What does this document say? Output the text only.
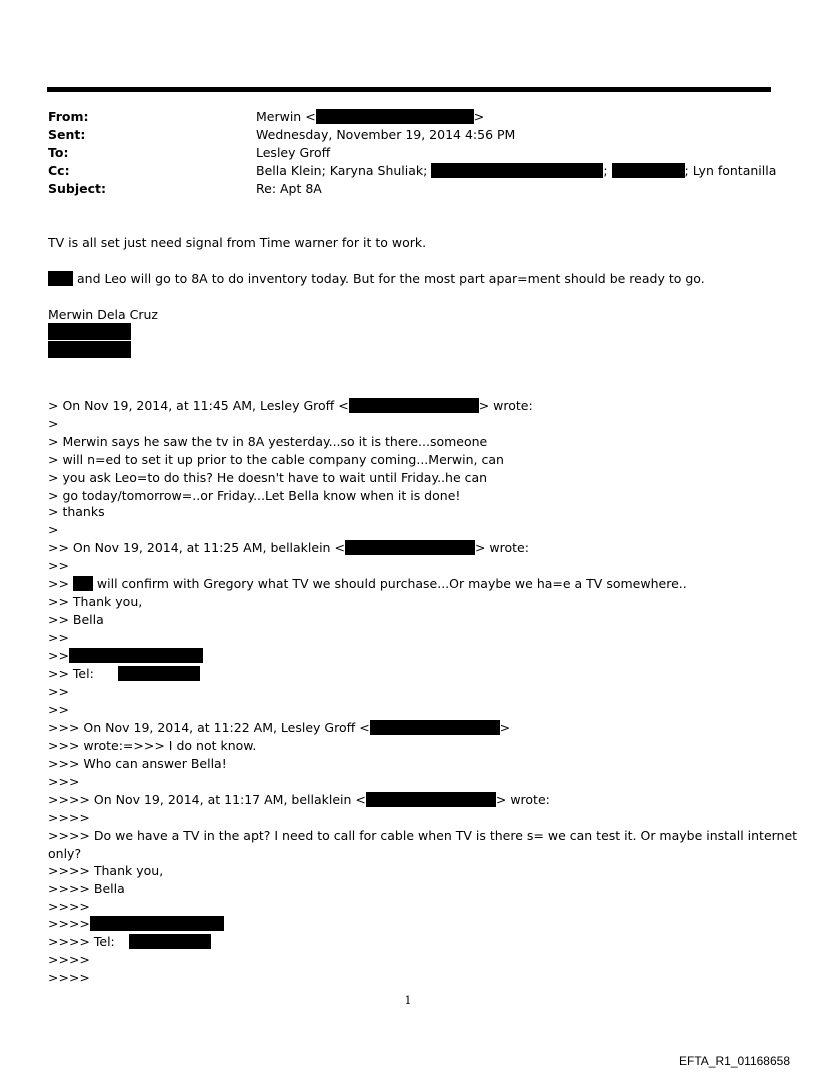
From:	Merwin <	>
Sent:	Wednesday, November 19, 2014 4:56 PM
To:	Lesley Groff
Cc:	Bella Klein; Karyna Shuliak;	;	; Lyn fontanilla
Subject:	Re: Apt 8A
TV is all set just need signal from Time warner for it to work.
and Leo will go to 8A to do inventory today. But for the most part apar=ment should be ready to go.
Merwin Dela Cruz
> On Nov 19, 2014, at 11:45 AM, Lesley Groff <	> wrote:
>
> Merwin says he saw the tv in 8A yesterday...so it is there...someone
> will n=ed to set it up prior to the cable company coming...Merwin, can
> you ask Leo=to do this? He doesn't have to wait until Friday..he can
> go today/tomorrow=..or Friday...Let Bella know when it is done!
> thanks
>
>> On Nov 19, 2014, at 11:25 AM, bellaklein <	> wrote:
>>
>>  will confirm with Gregory what TV we should purchase...Or maybe we ha=e a TV somewhere..
>> Thank you,
>> Bella
>>
>>
>> Tel:
>>
>>
>>> On Nov 19, 2014, at 11:22 AM, Lesley Groff <	>
>>> wrote:=>>> I do not know.
>>> Who can answer Bella!
>>>
>>>> On Nov 19, 2014, at 11:17 AM, bellaklein <	> wrote:
>>>>
>>>> Do we have a TV in the apt? I need to call for cable when TV is there s= we can test it. Or maybe install internet
only?
>>>> Thank you,
>>>> Bella
>>>>
>>>>
>>>> Tel:
>>>>
>>>>
1
EFTA_R1_01168658
